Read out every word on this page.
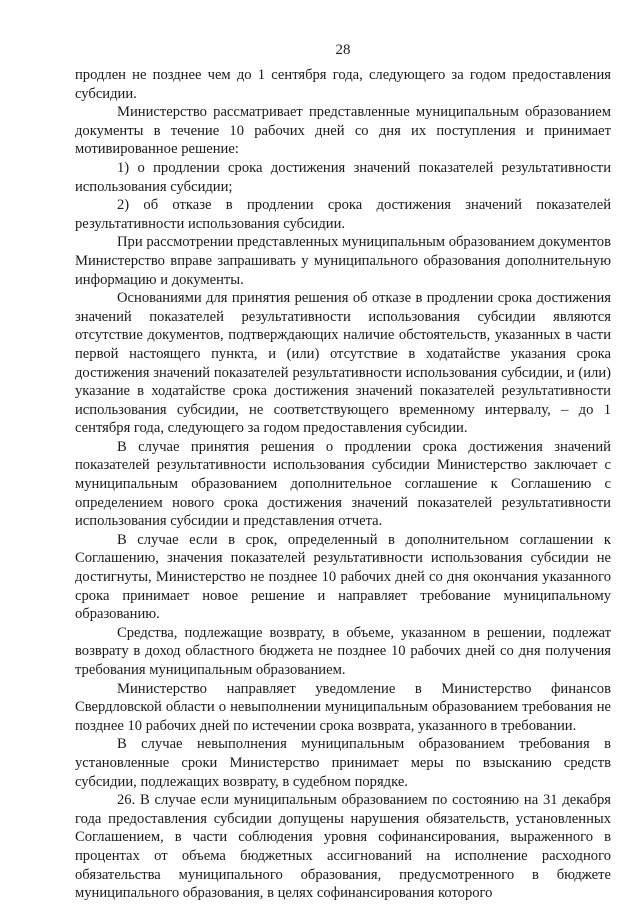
28

продлен не позднее чем до 1 сентября года, следующего за годом предоставления субсидии.

Министерство рассматривает представленные муниципальным образованием документы в течение 10 рабочих дней со дня их поступления и принимает мотивированное решение:

1) о продлении срока достижения значений показателей результативности использования субсидии;

2) об отказе в продлении срока достижения значений показателей результативности использования субсидии.

При рассмотрении представленных муниципальным образованием документов Министерство вправе запрашивать у муниципального образования дополнительную информацию и документы.

Основаниями для принятия решения об отказе в продлении срока достижения значений показателей результативности использования субсидии являются отсутствие документов, подтверждающих наличие обстоятельств, указанных в части первой настоящего пункта, и (или) отсутствие в ходатайстве указания срока достижения значений показателей результативности использования субсидии, и (или) указание в ходатайстве срока достижения значений показателей результативности использования субсидии, не соответствующего временному интервалу, – до 1 сентября года, следующего за годом предоставления субсидии.

В случае принятия решения о продлении срока достижения значений показателей результативности использования субсидии Министерство заключает с муниципальным образованием дополнительное соглашение к Соглашению с определением нового срока достижения значений показателей результативности использования субсидии и представления отчета.

В случае если в срок, определенный в дополнительном соглашении к Соглашению, значения показателей результативности использования субсидии не достигнуты, Министерство не позднее 10 рабочих дней со дня окончания указанного срока принимает новое решение и направляет требование муниципальному образованию.

Средства, подлежащие возврату, в объеме, указанном в решении, подлежат возврату в доход областного бюджета не позднее 10 рабочих дней со дня получения требования муниципальным образованием.

Министерство направляет уведомление в Министерство финансов Свердловской области о невыполнении муниципальным образованием требования не позднее 10 рабочих дней по истечении срока возврата, указанного в требовании.

В случае невыполнения муниципальным образованием требования в установленные сроки Министерство принимает меры по взысканию средств субсидии, подлежащих возврату, в судебном порядке.

26. В случае если муниципальным образованием по состоянию на 31 декабря года предоставления субсидии допущены нарушения обязательств, установленных Соглашением, в части соблюдения уровня софинансирования, выраженного в процентах от объема бюджетных ассигнований на исполнение расходного обязательства муниципального образования, предусмотренного в бюджете муниципального образования, в целях софинансирования которого
